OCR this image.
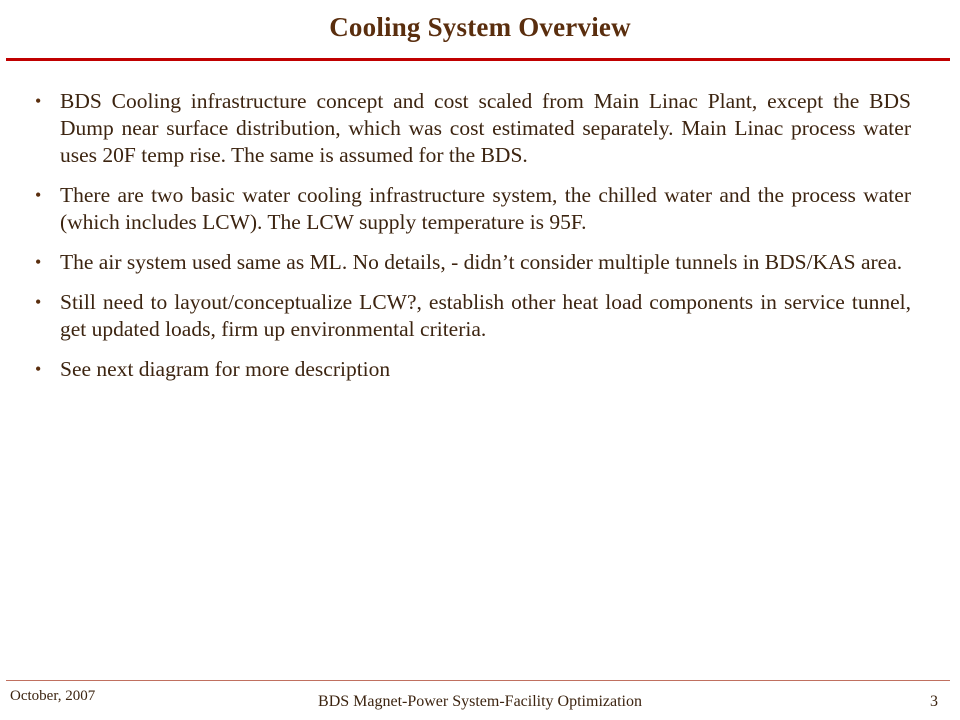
Cooling System Overview
• BDS Cooling infrastructure concept and cost scaled from Main Linac Plant, except the BDS Dump near surface distribution, which was cost estimated separately. Main Linac process water uses 20F temp rise. The same is assumed for the BDS.
• There are two basic water cooling infrastructure system, the chilled water and the process water (which includes LCW). The LCW supply temperature is 95F.
• The air system used same as ML. No details, - didn’t consider multiple tunnels in BDS/KAS area.
• Still need to layout/conceptualize LCW?, establish other heat load components in service tunnel, get updated loads, firm up environmental criteria.
• See next diagram for more description
October, 2007	BDS Magnet-Power System-Facility Optimization	3
